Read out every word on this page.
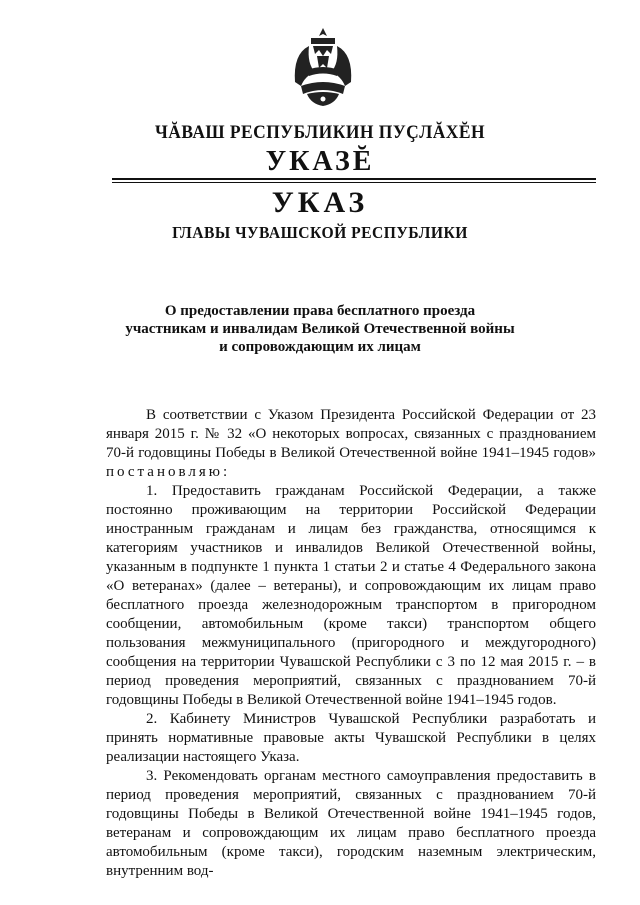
ЧĂВАШ РЕСПУБЛИКИН ПУҪЛĂХĔН
УКАЗĔ
УКАЗ
ГЛАВЫ ЧУВАШСКОЙ РЕСПУБЛИКИ
О предоставлении права бесплатного проезда
участникам и инвалидам Великой Отечественной войны
и сопровождающим их лицам

В соответствии с Указом Президента Российской Федерации от 23 января 2015 г. № 32 «О некоторых вопросах, связанных с празднованием 70-й годовщины Победы в Великой Отечественной войне 1941–1945 годов» постановляю:

1. Предоставить гражданам Российской Федерации, а также постоянно проживающим на территории Российской Федерации иностранным гражданам и лицам без гражданства, относящимся к категориям участников и инвалидов Великой Отечественной войны, указанным в подпункте 1 пункта 1 статьи 2 и статье 4 Федерального закона «О ветеранах» (далее – ветераны), и сопровождающим их лицам право бесплатного проезда железнодорожным транспортом в пригородном сообщении, автомобильным (кроме такси) транспортом общего пользования межмуниципального (пригородного и междугородного) сообщения на территории Чувашской Республики с 3 по 12 мая 2015 г. – в период проведения мероприятий, связанных с празднованием 70-й годовщины Победы в Великой Отечественной войне 1941–1945 годов.

2. Кабинету Министров Чувашской Республики разработать и принять нормативные правовые акты Чувашской Республики в целях реализации настоящего Указа.

3. Рекомендовать органам местного самоуправления предоставить в период проведения мероприятий, связанных с празднованием 70-й годовщины Победы в Великой Отечественной войне 1941–1945 годов, ветеранам и сопровождающим их лицам право бесплатного проезда автомобильным (кроме такси), городским наземным электрическим, внутренним вод-
